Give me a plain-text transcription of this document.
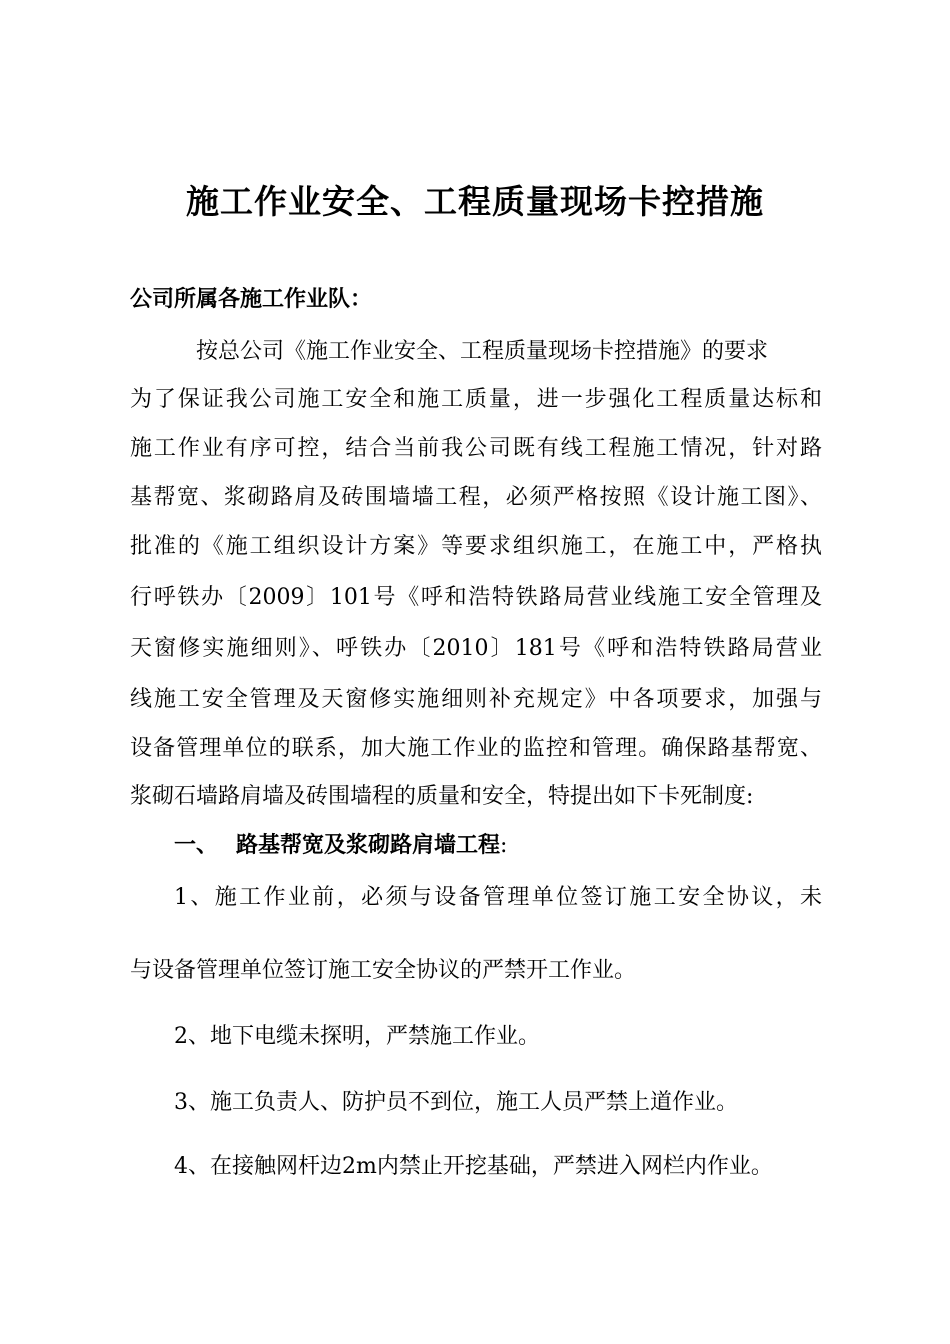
施工作业安全、工程质量现场卡控措施
公司所属各施工作业队：
按总公司《施工作业安全、工程质量现场卡控措施》的要求
为了保证我公司施工安全和施工质量，进一步强化工程质量达标和
施工作业有序可控，结合当前我公司既有线工程施工情况，针对路
基帮宽、浆砌路肩及砖围墙墙工程，必须严格按照《设计施工图》、
批准的《施工组织设计方案》等要求组织施工，在施工中，严格执
行呼铁办〔2009〕101号《呼和浩特铁路局营业线施工安全管理及
天窗修实施细则》、呼铁办〔2010〕181号《呼和浩特铁路局营业
线施工安全管理及天窗修实施细则补充规定》中各项要求，加强与
设备管理单位的联系，加大施工作业的监控和管理。确保路基帮宽、
浆砌石墙路肩墙及砖围墙程的质量和安全，特提出如下卡死制度:
一、 路基帮宽及浆砌路肩墙工程:
1、施工作业前，必须与设备管理单位签订施工安全协议，未
与设备管理单位签订施工安全协议的严禁开工作业。
2、地下电缆未探明，严禁施工作业。
3、施工负责人、防护员不到位，施工人员严禁上道作业。
4、在接触网杆边2m内禁止开挖基础，严禁进入网栏内作业。
